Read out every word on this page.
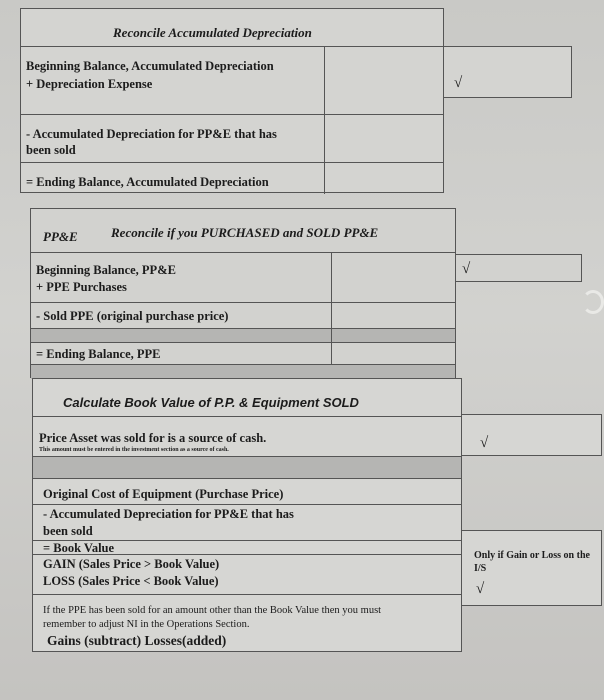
Reconcile Accumulated Depreciation
Beginning Balance, Accumulated Depreciation
+ Depreciation Expense
- Accumulated Depreciation for PP&E that has
been sold
= Ending Balance, Accumulated Depreciation
√
PP&E	Reconcile if you PURCHASED and SOLD PP&E
Beginning Balance, PP&E
+ PPE Purchases
- Sold PPE (original purchase price)
= Ending Balance, PPE
√
Calculate Book Value of P.P. & Equipment SOLD
Price Asset was sold for is a source of cash.
This amount must be entered in the investment section as a source of cash.
Original Cost of Equipment (Purchase Price)
- Accumulated Depreciation for PP&E that has
been sold
= Book Value
GAIN (Sales Price > Book Value)
LOSS (Sales Price < Book Value)
If the PPE has been sold for an amount other than the Book Value then you must
remember to adjust NI in the Operations Section.
Gains (subtract) Losses(added)
√
Only if Gain or Loss on the I/S
√
